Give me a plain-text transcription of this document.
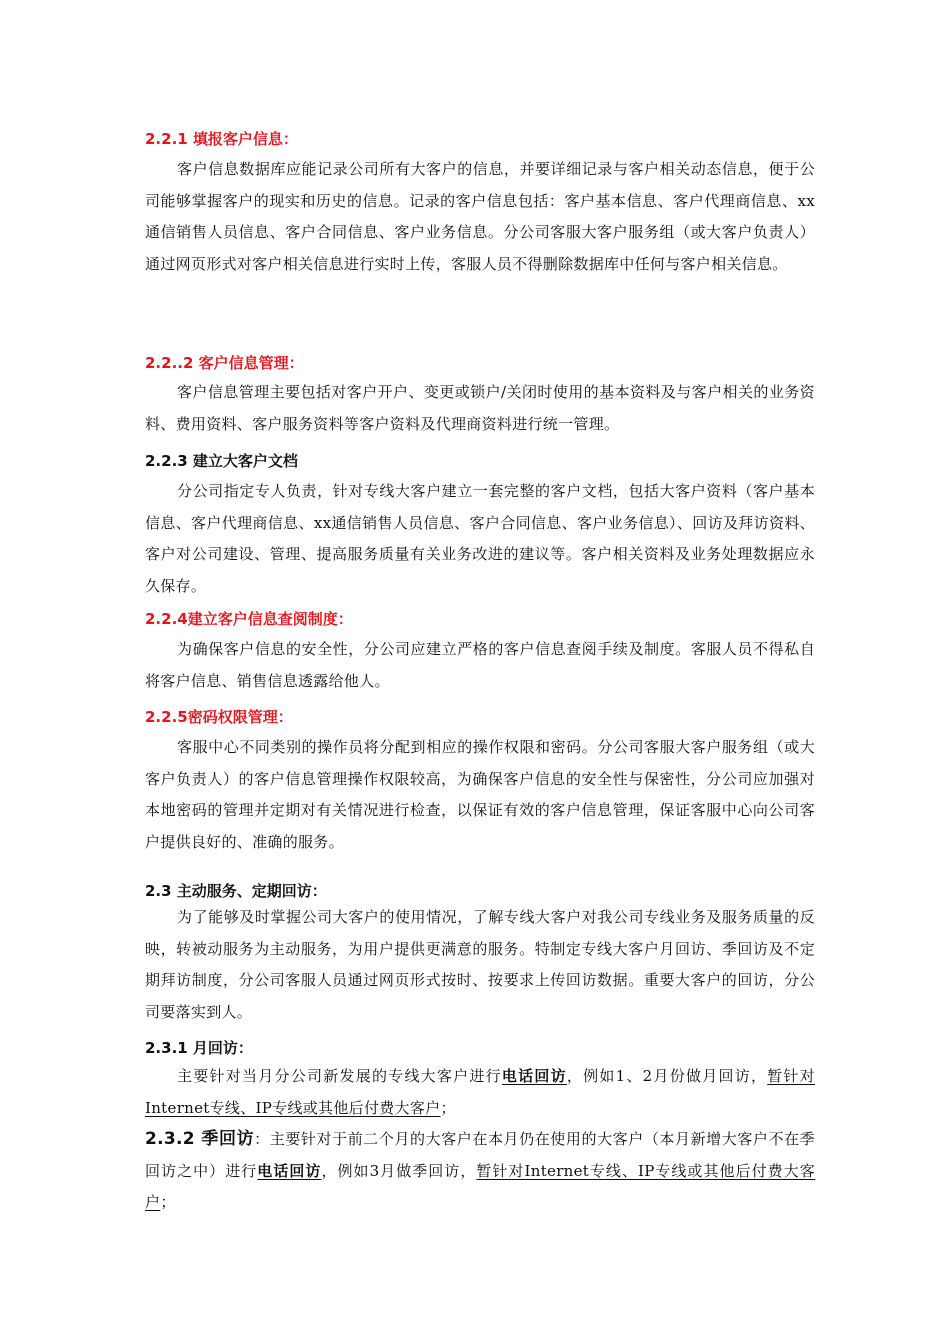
2.2.1 填报客户信息：
客户信息数据库应能记录公司所有大客户的信息，并要详细记录与客户相关动态信息，便于公司能够掌握客户的现实和历史的信息。记录的客户信息包括：客户基本信息、客户代理商信息、xx通信销售人员信息、客户合同信息、客户业务信息。分公司客服大客户服务组（或大客户负责人）通过网页形式对客户相关信息进行实时上传，客服人员不得删除数据库中任何与客户相关信息。
2.2..2 客户信息管理：
客户信息管理主要包括对客户开户、变更或锁户/关闭时使用的基本资料及与客户相关的业务资料、费用资料、客户服务资料等客户资料及代理商资料进行统一管理。
2.2.3 建立大客户文档
分公司指定专人负责，针对专线大客户建立一套完整的客户文档，包括大客户资料（客户基本信息、客户代理商信息、xx通信销售人员信息、客户合同信息、客户业务信息）、回访及拜访资料、客户对公司建设、管理、提高服务质量有关业务改进的建议等。客户相关资料及业务处理数据应永久保存。
2.2.4建立客户信息查阅制度：
为确保客户信息的安全性，分公司应建立严格的客户信息查阅手续及制度。客服人员不得私自将客户信息、销售信息透露给他人。
2.2.5密码权限管理：
客服中心不同类别的操作员将分配到相应的操作权限和密码。分公司客服大客户服务组（或大客户负责人）的客户信息管理操作权限较高，为确保客户信息的安全性与保密性，分公司应加强对本地密码的管理并定期对有关情况进行检查，以保证有效的客户信息管理，保证客服中心向公司客户提供良好的、准确的服务。
2.3 主动服务、定期回访：
为了能够及时掌握公司大客户的使用情况，了解专线大客户对我公司专线业务及服务质量的反映，转被动服务为主动服务，为用户提供更满意的服务。特制定专线大客户月回访、季回访及不定期拜访制度，分公司客服人员通过网页形式按时、按要求上传回访数据。重要大客户的回访，分公司要落实到人。
2.3.1 月回访：
主要针对当月分公司新发展的专线大客户进行电话回访，例如1、2月份做月回访，暂针对Internet专线、IP专线或其他后付费大客户；
2.3.2 季回访：主要针对于前二个月的大客户在本月仍在使用的大客户（本月新增大客户不在季回访之中）进行电话回访，例如3月做季回访，暂针对Internet专线、IP专线或其他后付费大客户；
